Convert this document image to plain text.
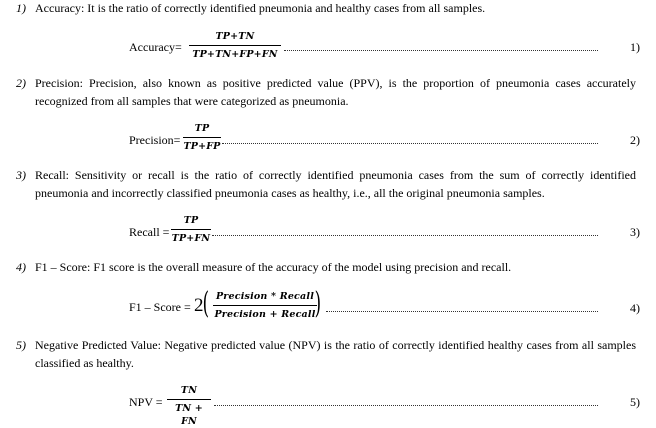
1) Accuracy: It is the ratio of correctly identified pneumonia and healthy cases from all samples.
Accuracy=
TP+TN
TP+TN+FP+FN
1)
2) Precision: Precision, also known as positive predicted value (PPV), is the proportion of pneumonia cases accurately recognized from all samples that were categorized as pneumonia.
Precision=
TP
TP+FP	2)
3) Recall: Sensitivity or recall is the ratio of correctly identified pneumonia cases from the sum of correctly identified pneumonia and incorrectly classified pneumonia cases as healthy, i.e., all the original pneumonia samples.
Recall =
TP
TP+FN	3)
4) F1 – Score: F1 score is the overall measure of the accuracy of the model using precision and recall.
F1 – Score = 2 ( Precision * Recall
Precision + Recall )	4)
5) Negative Predicted Value: Negative predicted value (NPV) is the ratio of correctly identified healthy cases from all samples classified as healthy.
NPV =
TN
TN + FN
5)
